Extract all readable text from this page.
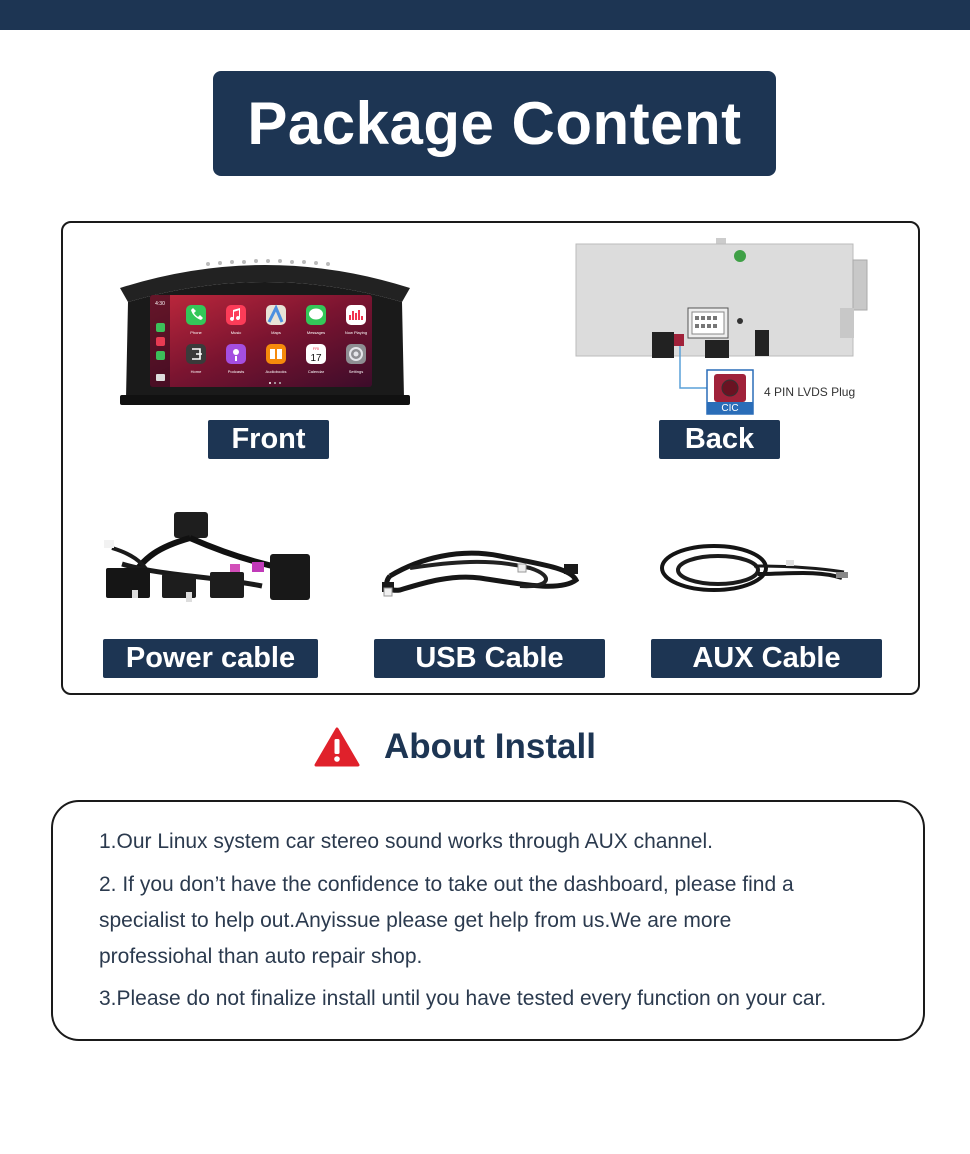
Package Content
4:30
Phone	Music	Maps	Messages	Now Playing
FRI
17
Home	Podcasts	Audiobooks	Calendar	Settings
CIC
4 PIN LVDS Plug
Front	Back
Power cable	USB Cable	AUX Cable
About Install
1.Our Linux system car stereo sound works through AUX channel.
2. If you don’t have the confidence to take out the dashboard, please find a
specialist to help out.Anyissue please get help from us.We are more
professiohal than auto repair shop.
3.Please do not finalize install until you have tested every function on your car.
